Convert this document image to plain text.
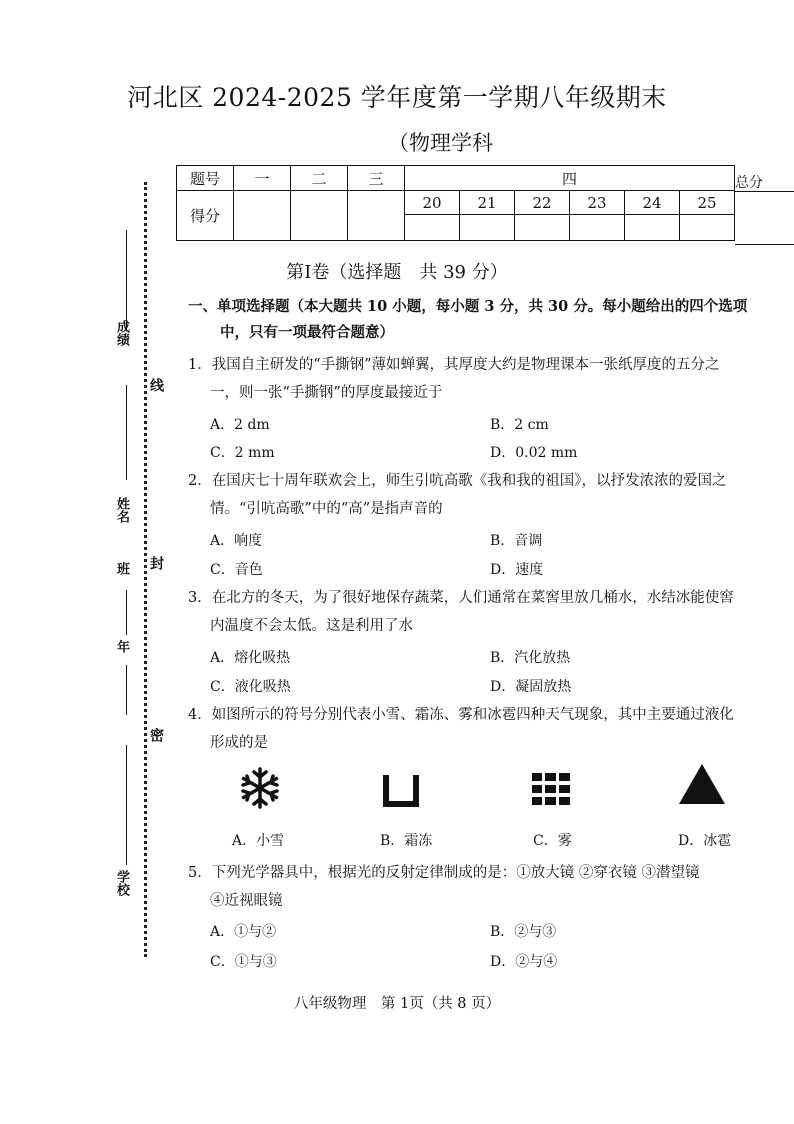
成绩
线
姓名
班 封
年
密
学校
河北区 2024-2025 学年度第一学期八年级期末
（物理学科
题号	一	二	三	四					
得分				20	21	22	23	24	25

总分
第Ⅰ卷（选择题　共 39 分）
一、单项选择题（本大题共 10 小题，每小题 3 分，共 30 分。每小题给出的四个选项
中，只有一项最符合题意）
1．我国自主研发的“手撕钢”薄如蝉翼，其厚度大约是物理课本一张纸厚度的五分之
一，则一张“手撕钢”的厚度最接近于
A．2 dm	B．2 cm
C．2 mm	D．0.02 mm
2．在国庆七十周年联欢会上，师生引吭高歌《我和我的祖国》，以抒发浓浓的爱国之
情。“引吭高歌”中的“高”是指声音的
A．响度	B．音调
C．音色	D．速度
3．在北方的冬天，为了很好地保存蔬菜，人们通常在菜窖里放几桶水，水结冰能使窖
内温度不会太低。这是利用了水
A．熔化吸热	B．汽化放热
C．液化吸热	D．凝固放热
4．如图所示的符号分别代表小雪、霜冻、雾和冰雹四种天气现象，其中主要通过液化
形成的是
A．小雪	B．霜冻	C．雾	D．冰雹
5．下列光学器具中，根据光的反射定律制成的是：①放大镜 ②穿衣镜 ③潜望镜
④近视眼镜
A．①与②	B．②与③
C．①与③	D．②与④
八年级物理　第 1页（共 8 页）
